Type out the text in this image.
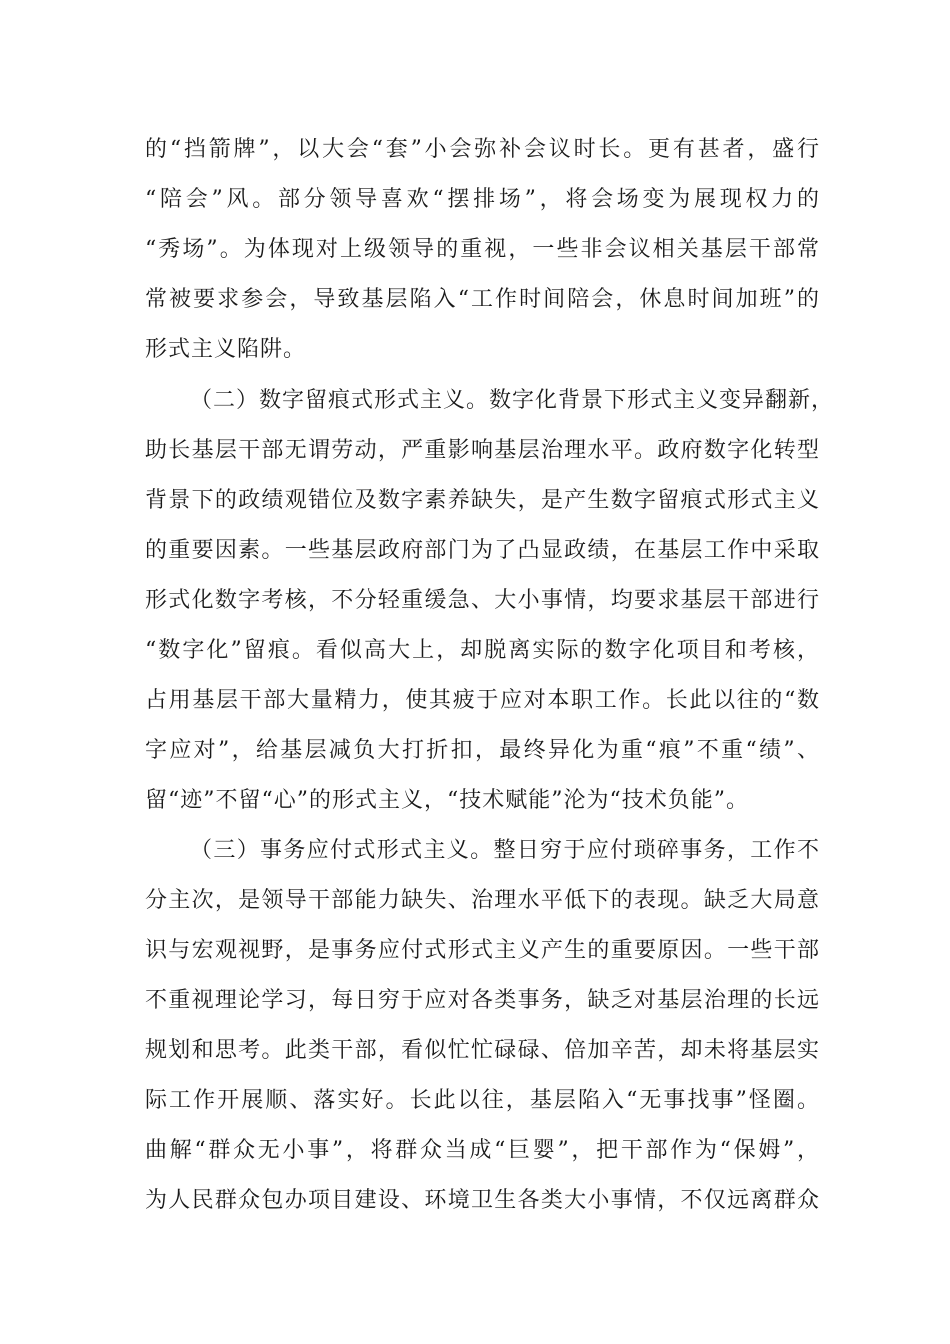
的“挡箭牌”，以大会“套”小会弥补会议时长。更有甚者，盛行
“陪会”风。部分领导喜欢“摆排场”，将会场变为展现权力的
“秀场”。为体现对上级领导的重视，一些非会议相关基层干部常
常被要求参会，导致基层陷入“工作时间陪会，休息时间加班”的
形式主义陷阱。
（二）数字留痕式形式主义。数字化背景下形式主义变异翻新，
助长基层干部无谓劳动，严重影响基层治理水平。政府数字化转型
背景下的政绩观错位及数字素养缺失，是产生数字留痕式形式主义
的重要因素。一些基层政府部门为了凸显政绩，在基层工作中采取
形式化数字考核，不分轻重缓急、大小事情，均要求基层干部进行
“数字化”留痕。看似高大上，却脱离实际的数字化项目和考核，
占用基层干部大量精力，使其疲于应对本职工作。长此以往的“数
字应对”，给基层减负大打折扣，最终异化为重“痕”不重“绩”、
留“迹”不留“心”的形式主义，“技术赋能”沦为“技术负能”。
（三）事务应付式形式主义。整日穷于应付琐碎事务，工作不
分主次，是领导干部能力缺失、治理水平低下的表现。缺乏大局意
识与宏观视野，是事务应付式形式主义产生的重要原因。一些干部
不重视理论学习，每日穷于应对各类事务，缺乏对基层治理的长远
规划和思考。此类干部，看似忙忙碌碌、倍加辛苦，却未将基层实
际工作开展顺、落实好。长此以往，基层陷入“无事找事”怪圈。
曲解“群众无小事”，将群众当成“巨婴”，把干部作为“保姆”，
为人民群众包办项目建设、环境卫生各类大小事情，不仅远离群众
